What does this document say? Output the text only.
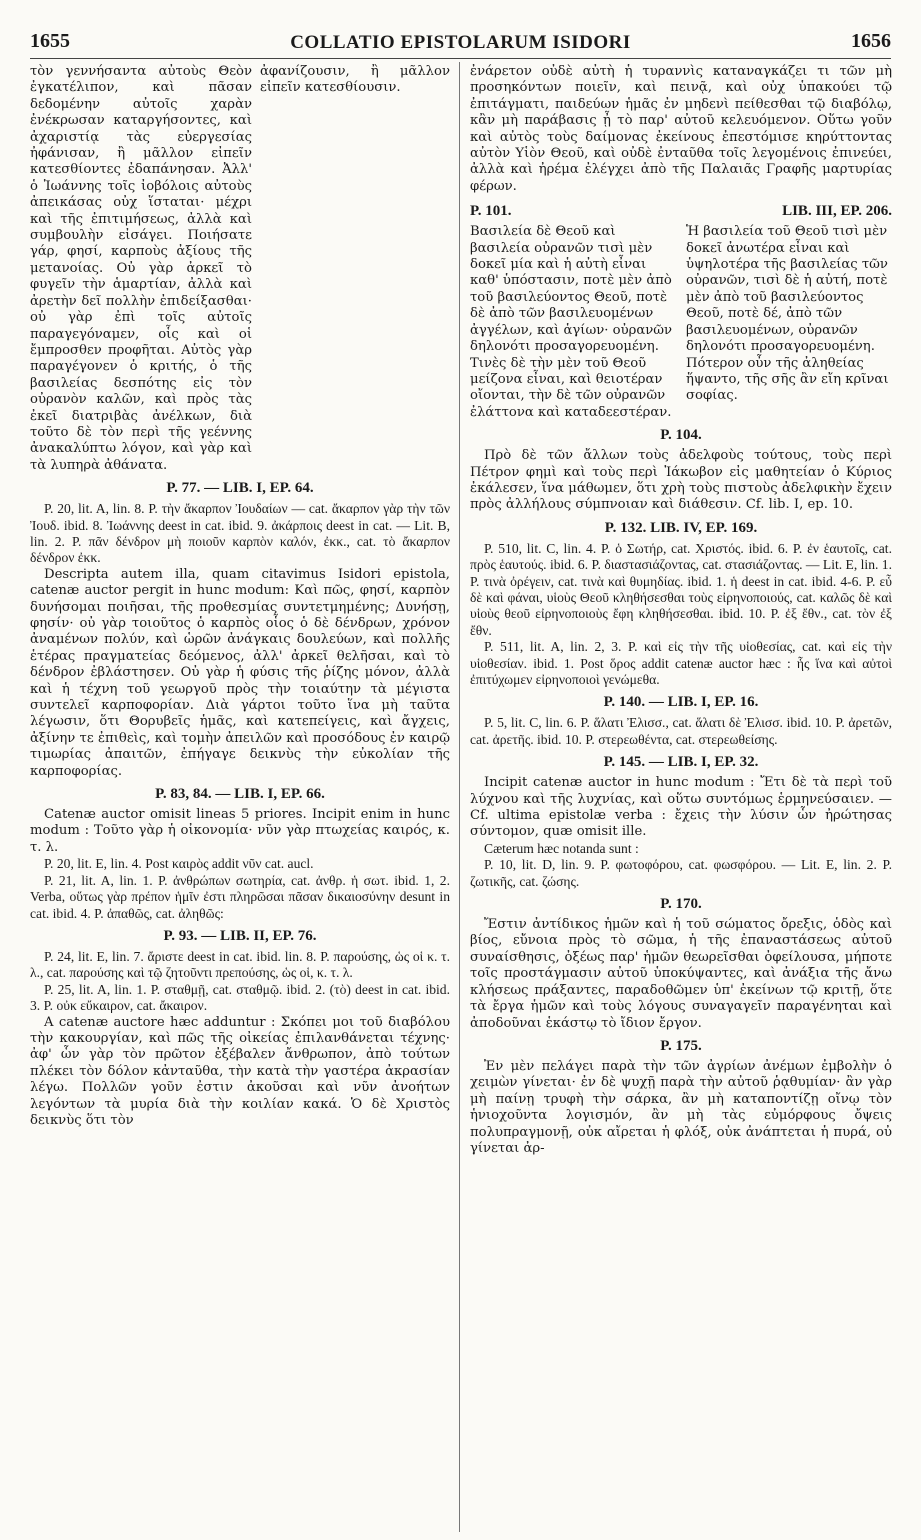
1655	COLLATIO EPISTOLARUM ISIDORI	1656

τὸν γεννήσαντα αὐτοὺς Θεὸν ἐγκατέλιπον, καὶ πᾶσαν δεδομένην αὐτοῖς χαρὰν ἐνέκρωσαν καταργήσοντες, καὶ ἀχαριστίᾳ τὰς εὐεργεσίας ἠφάνισαν, ἢ μᾶλλον εἰπεῖν κατεσθίοντες ἐδαπάνησαν. Ἀλλ' ὁ Ἰωάννης τοῖς ἰοβόλοις αὐτοὺς ἀπεικάσας οὐχ ἵσταται· μέχρι καὶ τῆς ἐπιτιμήσεως, ἀλλὰ καὶ συμβουλὴν εἰσάγει. Ποιήσατε γάρ, φησί, καρποὺς ἀξίους τῆς μετανοίας. Οὐ γὰρ ἀρκεῖ τὸ φυγεῖν τὴν ἁμαρτίαν, ἀλλὰ καὶ ἀρετὴν δεῖ πολλὴν ἐπιδείξασθαι· οὐ γὰρ ἐπὶ τοῖς αὐτοῖς παραγεγόναμεν, οἷς καὶ οἱ ἔμπροσθεν προφῆται. Αὐτὸς γὰρ παραγέγονεν ὁ κριτής, ὁ τῆς βασιλείας δεσπότης εἰς τὸν οὐρανὸν καλῶν, καὶ πρὸς τὰς ἐκεῖ διατριβὰς ἀνέλκων, διὰ τοῦτο δὲ τὸν περὶ τῆς γεέννης ἀνακαλύπτω λόγον, καὶ γὰρ καὶ τὰ λυπηρὰ ἀθάνατα.

ἀφανίζουσιν, ἢ μᾶλλον εἰπεῖν κατεσθίουσιν.

P. 77. — LIB. I, EP. 64.

P. 20, lit. A, lin. 8. P. τὴν ἄκαρπον Ἰουδαίων — cat. ἄκαρπον γὰρ τὴν τῶν Ἰουδ. ibid. 8. Ἰωάννης deest in cat. ibid. 9. ἀκάρποις deest in cat. — Lit. B, lin. 2. P. πᾶν δένδρον μὴ ποιοῦν καρπὸν καλόν, ἐκκ., cat. τὸ ἄκαρπον δένδρον ἐκκ.

Descripta autem illa, quam citavimus Isidori epistola, catenæ auctor pergit in hunc modum: Καὶ πῶς, φησί, καρπὸν δυνήσομαι ποιῆσαι, τῆς προθεσμίας συντετμημένης; Δυνήσῃ, φησίν· οὐ γὰρ τοιοῦτος ὁ καρπὸς οἷος ὁ δὲ δένδρων, χρόνον ἀναμένων πολύν, καὶ ὡρῶν ἀνάγκαις δουλεύων, καὶ πολλῆς ἑτέρας πραγματείας δεόμενος, ἀλλ' ἀρκεῖ θελῆσαι, καὶ τὸ δένδρον ἐβλάστησεν. Οὐ γὰρ ἡ φύσις τῆς ῥίζης μόνον, ἀλλὰ καὶ ἡ τέχνη τοῦ γεωργοῦ πρὸς τὴν τοιαύτην τὰ μέγιστα συντελεῖ καρποφορίαν. Διὰ γάρτοι τοῦτο ἵνα μὴ ταῦτα λέγωσιν, ὅτι Θορυβεῖς ἡμᾶς, καὶ κατεπείγεις, καὶ ἄγχεις, ἀξίνην τε ἐπιθεὶς, καὶ τομὴν ἀπειλῶν καὶ προσόδους ἐν καιρῷ τιμωρίας ἀπαιτῶν, ἐπήγαγε δεικνὺς τὴν εὐκολίαν τῆς καρποφορίας.

P. 83, 84. — LIB. I, EP. 66.

Catenæ auctor omisit lineas 5 priores. Incipit enim in hunc modum : Τοῦτο γὰρ ἡ οἰκονομία· νῦν γὰρ πτωχείας καιρός, κ. τ. λ.

P. 20, lit. E, lin. 4. Post καιρὸς addit νῦν cat. aucl.

P. 21, lit. A, lin. 1. P. ἀνθρώπων σωτηρία, cat. ἀνθρ. ἡ σωτ. ibid. 1, 2. Verba, οὕτως γὰρ πρέπον ἡμῖν ἐστι πληρῶσαι πᾶσαν δικαιοσύνην desunt in cat. ibid. 4. P. ἀπαθῶς, cat. ἀληθῶς:

P. 93. — LIB. II, EP. 76.

P. 24, lit. E, lin. 7. ἄριστε deest in cat. ibid. lin. 8. P. παρούσης, ὡς οἱ κ. τ. λ., cat. παρούσης καὶ τῷ ζητοῦντι πρεπούσης, ὡς οἱ, κ. τ. λ.

P. 25, lit. A, lin. 1. P. σταθμῇ, cat. σταθμῷ. ibid. 2. (τὸ) deest in cat. ibid. 3. P. οὐκ εὔκαιρον, cat. ἄκαιρον.

A catenæ auctore hæc adduntur : Σκόπει μοι τοῦ διαβόλου τὴν κακουργίαν, καὶ πῶς τῆς οἰκείας ἐπιλανθάνεται τέχνης· ἀφ' ὧν γὰρ τὸν πρῶτον ἐξέβαλεν ἄνθρωπον, ἀπὸ τούτων πλέκει τὸν δόλον κἀνταῦθα, τὴν κατὰ τὴν γαστέρα ἀκρασίαν λέγω. Πολλῶν γοῦν ἐστιν ἀκοῦσαι καὶ νῦν ἀνοήτων λεγόντων τὰ μυρία διὰ τὴν κοιλίαν κακά. Ὁ δὲ Χριστὸς δεικνὺς ὅτι τὸν

ἐνάρετον οὐδὲ αὐτὴ ἡ τυραννὶς καταναγκάζει τι τῶν μὴ προσηκόντων ποιεῖν, καὶ πεινᾷ, καὶ οὐχ ὑπακούει τῷ ἐπιτάγματι, παιδεύων ἡμᾶς ἐν μηδενὶ πείθεσθαι τῷ διαβόλῳ, κἂν μὴ παράβασις ᾖ τὸ παρ' αὐτοῦ κελευόμενον. Οὕτω γοῦν καὶ αὐτὸς τοὺς δαίμονας ἐκείνους ἐπεστόμισε κηρύττοντας αὐτὸν Υἱὸν Θεοῦ, καὶ οὐδὲ ἐνταῦθα τοῖς λεγομένοις ἐπινεύει, ἀλλὰ καὶ ἠρέμα ἐλέγχει ἀπὸ τῆς Παλαιᾶς Γραφῆς μαρτυρίας φέρων.

P. 101.	LIB. III, EP. 206.

Βασιλεία δὲ Θεοῦ καὶ βασιλεία οὐρανῶν τισὶ μὲν δοκεῖ μία καὶ ἡ αὐτὴ εἶναι καθ' ὑπόστασιν, ποτὲ μὲν ἀπὸ τοῦ βασιλεύοντος Θεοῦ, ποτὲ δὲ ἀπὸ τῶν βασιλευομένων ἀγγέλων, καὶ ἁγίων· οὐρανῶν δηλονότι προσαγορευομένη. Τινὲς δὲ τὴν μὲν τοῦ Θεοῦ μείζονα εἶναι, καὶ θειοτέραν οἴονται, τὴν δὲ τῶν οὐρανῶν ἐλάττονα καὶ καταδεεστέραν.

Ἡ βασιλεία τοῦ Θεοῦ τισὶ μὲν δοκεῖ ἀνωτέρα εἶναι καὶ ὑψηλοτέρα τῆς βασιλείας τῶν οὐρανῶν, τισὶ δὲ ἡ αὐτή, ποτὲ μὲν ἀπὸ τοῦ βασιλεύοντος Θεοῦ, ποτὲ δέ, ἀπὸ τῶν βασιλευομένων, οὐρανῶν δηλονότι προσαγορευομένη. Πότερον οὖν τῆς ἀληθείας ἥψαντο, τῆς σῆς ἂν εἴη κρῖναι σοφίας.

P. 104.

Πρὸ δὲ τῶν ἄλλων τοὺς ἀδελφοὺς τούτους, τοὺς περὶ Πέτρον φημὶ καὶ τοὺς περὶ Ἰάκωβον εἰς μαθητείαν ὁ Κύριος ἐκάλεσεν, ἵνα μάθωμεν, ὅτι χρὴ τοὺς πιστοὺς ἀδελφικὴν ἔχειν πρὸς ἀλλήλους σύμπνοιαν καὶ διάθεσιν. Cf. lib. I, ep. 10.

P. 132. LIB. IV, EP. 169.

P. 510, lit. C, lin. 4. P. ὁ Σωτήρ, cat. Χριστός. ibid. 6. P. ἐν ἑαυτοῖς, cat. πρὸς ἑαυτούς. ibid. 6. P. διαστασιάζοντας, cat. στασιάζοντας. — Lit. E, lin. 1. P. τινὰ ὀρέγειν, cat. τινὰ καὶ θυμηδίας. ibid. 1. ἡ deest in cat. ibid. 4-6. P. εὖ δὲ καὶ φάναι, υἱοὺς Θεοῦ κληθήσεσθαι τοὺς εἰρηνοποιούς, cat. καλῶς δὲ καὶ υἱοὺς θεοῦ εἰρηνοποιοὺς ἔφη κληθήσεσθαι. ibid. 10. P. ἐξ ἔθν., cat. τὸν ἐξ ἔθν.

P. 511, lit. A, lin. 2, 3. P. καὶ εἰς τὴν τῆς υἱοθεσίας, cat. καὶ εἰς τὴν υἱοθεσίαν. ibid. 1. Post ὅρος addit catenæ auctor hæc : ἧς ἵνα καὶ αὐτοὶ ἐπιτύχωμεν εἰρηνοποιοὶ γενώμεθα.

P. 140. — LIB. I, EP. 16.

P. 5, lit. C, lin. 6. P. ἅλατι Ἐλισσ., cat. ἅλατι δὲ Ἐλισσ. ibid. 10. P. ἀρετῶν, cat. ἀρετῆς. ibid. 10. P. στερεωθέντα, cat. στερεωθείσης.

P. 145. — LIB. I, EP. 32.

Incipit catenæ auctor in hunc modum : Ἔτι δὲ τὰ περὶ τοῦ λύχνου καὶ τῆς λυχνίας, καὶ οὕτω συντόμως ἑρμηνεύσαιεν. — Cf. ultima epistolæ verba : ἔχεις τὴν λύσιν ὧν ἠρώτησας σύντομον, quæ omisit ille.

Cæterum hæc notanda sunt :

P. 10, lit. D, lin. 9. P. φωτοφόρου, cat. φωσφόρου. — Lit. E, lin. 2. P. ζωτικῆς, cat. ζώσης.

P. 170.

Ἔστιν ἀντίδικος ἡμῶν καὶ ἡ τοῦ σώματος ὄρεξις, ὁδὸς καὶ βίος, εὔνοια πρὸς τὸ σῶμα, ἡ τῆς ἐπαναστάσεως αὐτοῦ συναίσθησις, ὀξέως παρ' ἡμῶν θεωρεῖσθαι ὀφείλουσα, μήποτε τοῖς προστάγμασιν αὐτοῦ ὑποκύψαντες, καὶ ἀνάξια τῆς ἄνω κλήσεως πράξαντες, παραδοθῶμεν ὑπ' ἐκείνων τῷ κριτῇ, ὅτε τὰ ἔργα ἡμῶν καὶ τοὺς λόγους συναγαγεῖν παραγένηται καὶ ἀποδοῦναι ἑκάστῳ τὸ ἴδιον ἔργον.

P. 175.

Ἐν μὲν πελάγει παρὰ τὴν τῶν ἀγρίων ἀνέμων ἐμβολὴν ὁ χειμὼν γίνεται· ἐν δὲ ψυχῇ παρὰ τὴν αὐτοῦ ῥᾳθυμίαν· ἂν γὰρ μὴ παίνῃ τρυφὴ τὴν σάρκα, ἂν μὴ καταποντίζῃ οἴνῳ τὸν ἡνιοχοῦντα λογισμόν, ἂν μὴ τὰς εὐμόρφους ὄψεις πολυπραγμονῇ, οὐκ αἴρεται ἡ φλόξ, οὐκ ἀνάπτεται ἡ πυρά, οὐ γίνεται ἀρ-
